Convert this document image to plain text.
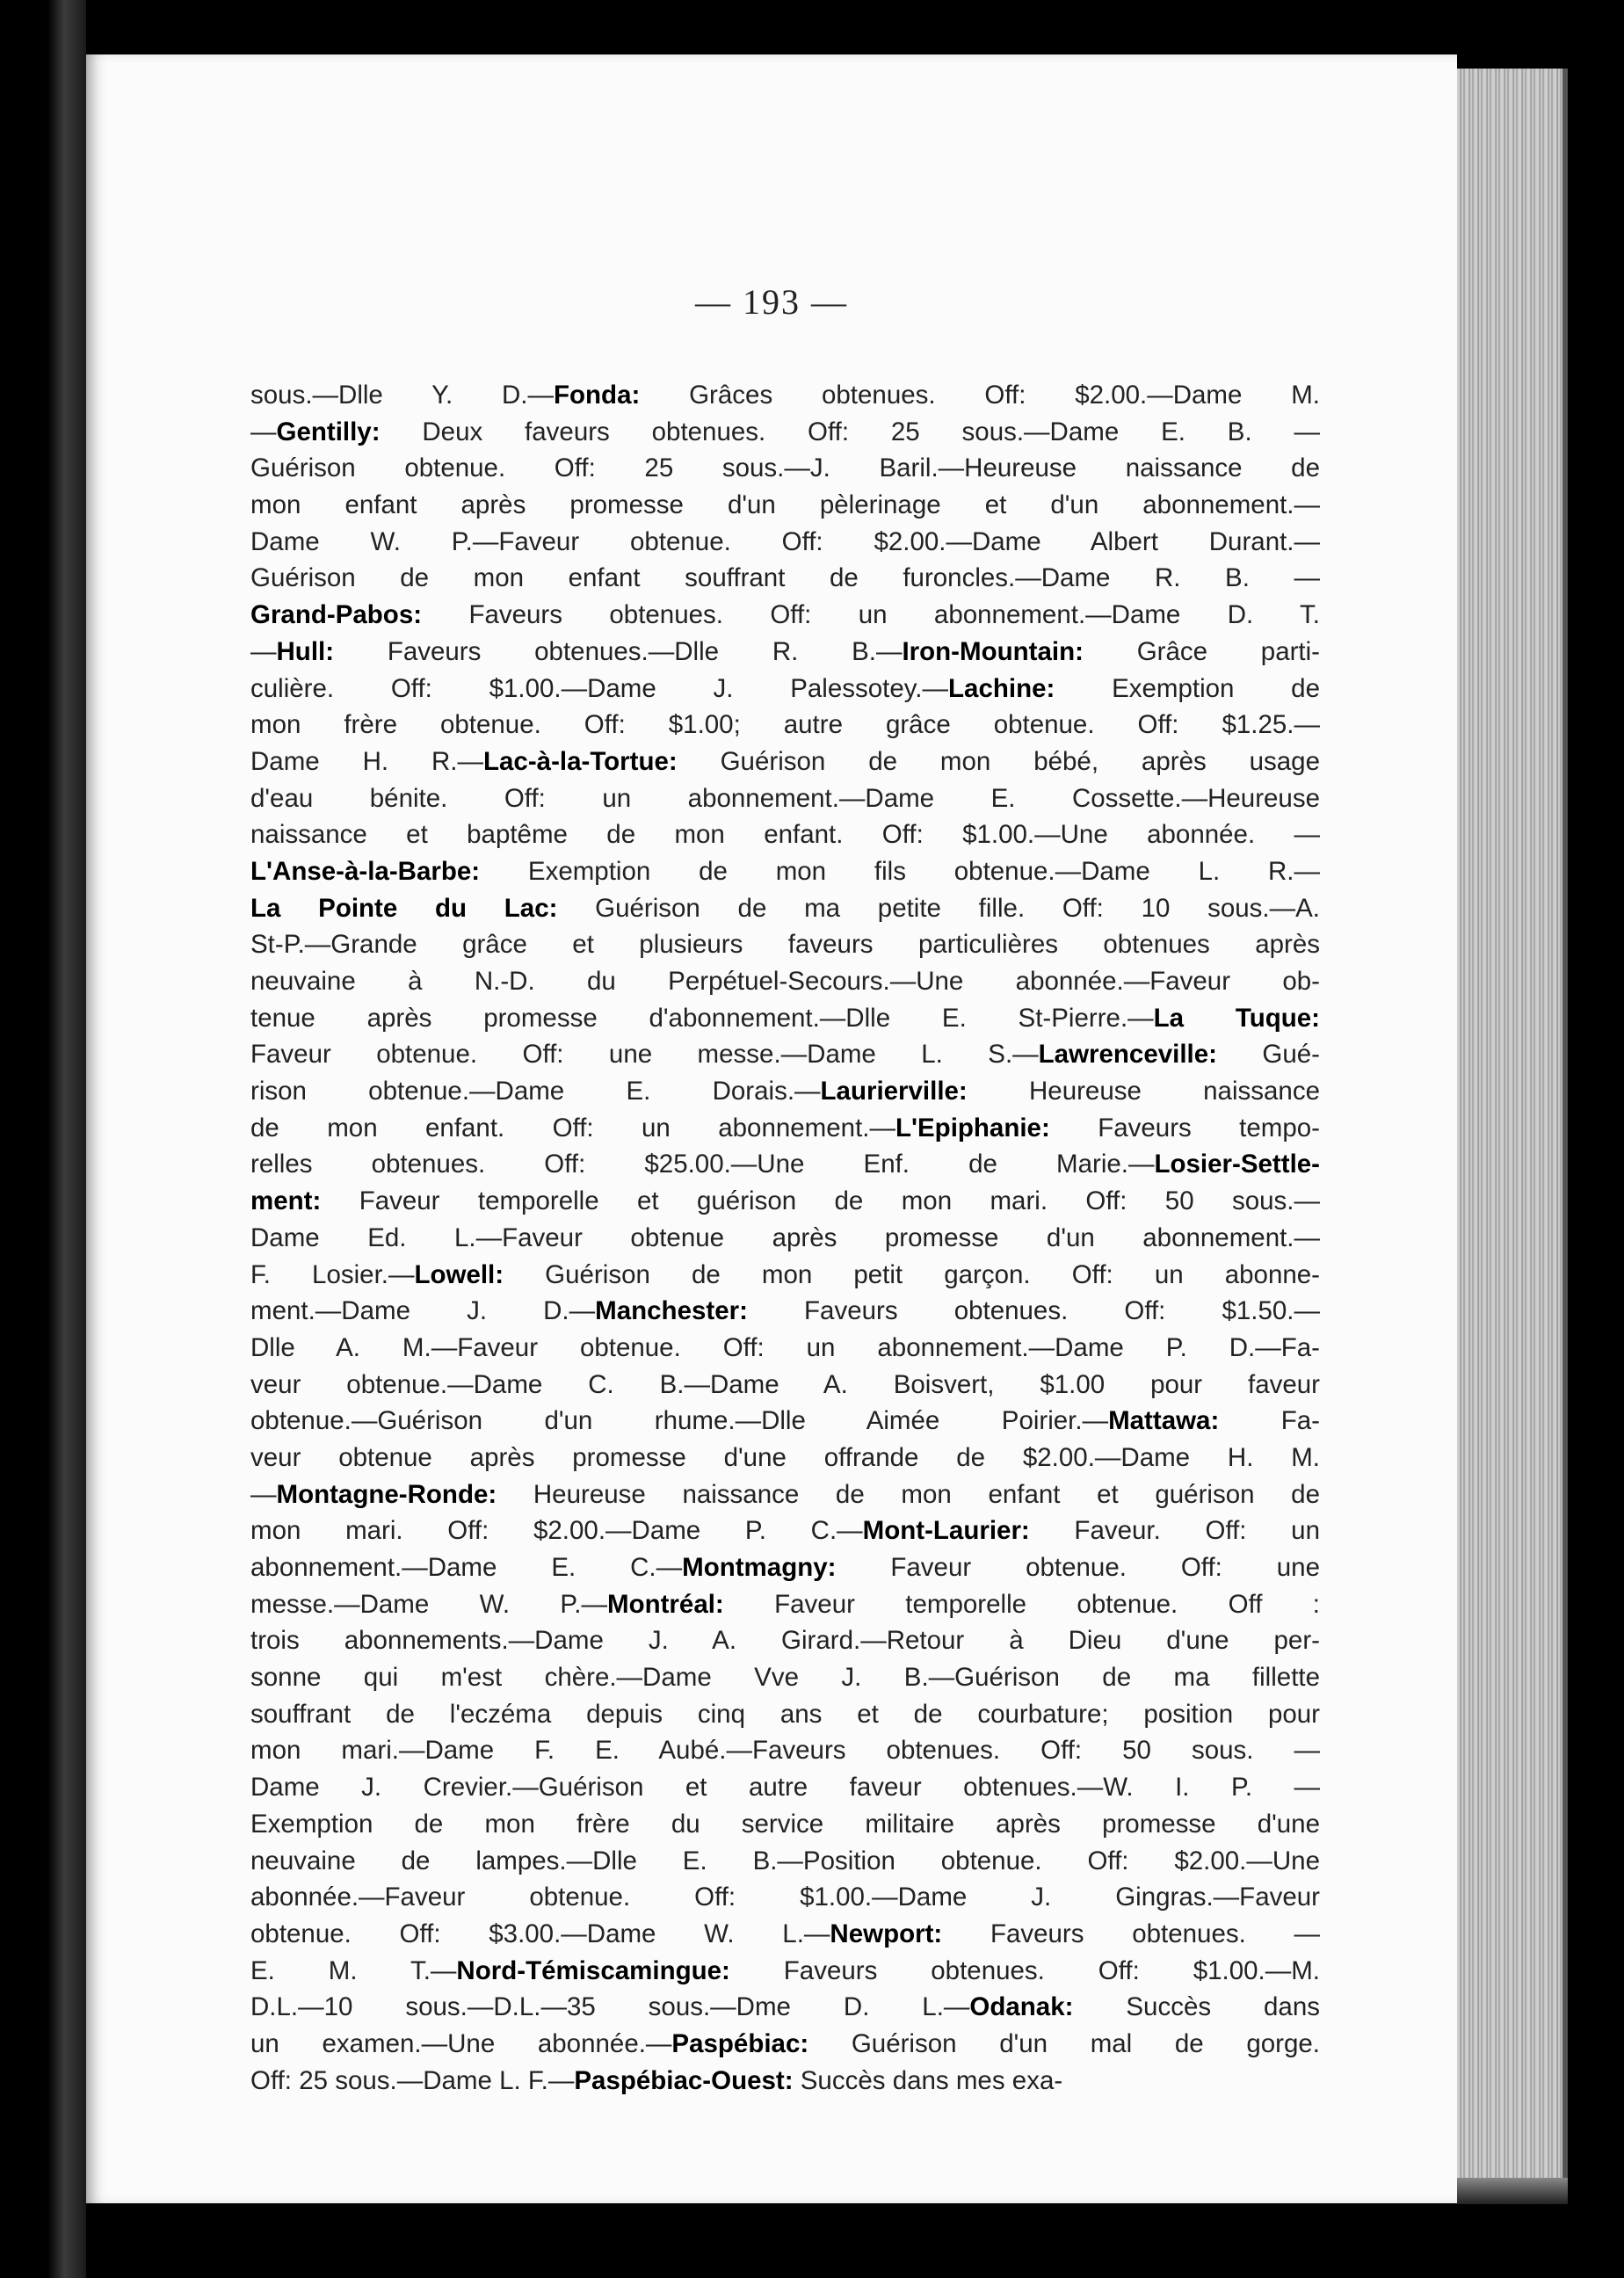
— 193 —
sous.—Dlle Y. D.—Fonda: Grâces obtenues. Off: $2.00.—Dame M.
—Gentilly: Deux faveurs obtenues. Off: 25 sous.—Dame E. B. —
Guérison obtenue. Off: 25 sous.—J. Baril.—Heureuse naissance de
mon enfant après promesse d'un pèlerinage et d'un abonnement.—
Dame W. P.—Faveur obtenue. Off: $2.00.—Dame Albert Durant.—
Guérison de mon enfant souffrant de furoncles.—Dame R. B. —
Grand-Pabos: Faveurs obtenues. Off: un abonnement.—Dame D. T.
—Hull: Faveurs obtenues.—Dlle R. B.—Iron-Mountain: Grâce parti-
culière. Off: $1.00.—Dame J. Palessotey.—Lachine: Exemption de
mon frère obtenue. Off: $1.00; autre grâce obtenue. Off: $1.25.—
Dame H. R.—Lac-à-la-Tortue: Guérison de mon bébé, après usage
d'eau bénite. Off: un abonnement.—Dame E. Cossette.—Heureuse
naissance et baptême de mon enfant. Off: $1.00.—Une abonnée. —
L'Anse-à-la-Barbe: Exemption de mon fils obtenue.—Dame L. R.—
La Pointe du Lac: Guérison de ma petite fille. Off: 10 sous.—A.
St-P.—Grande grâce et plusieurs faveurs particulières obtenues après
neuvaine à N.-D. du Perpétuel-Secours.—Une abonnée.—Faveur ob-
tenue après promesse d'abonnement.—Dlle E. St-Pierre.—La Tuque:
Faveur obtenue. Off: une messe.—Dame L. S.—Lawrenceville: Gué-
rison obtenue.—Dame E. Dorais.—Laurierville: Heureuse naissance
de mon enfant. Off: un abonnement.—L'Epiphanie: Faveurs tempo-
relles obtenues. Off: $25.00.—Une Enf. de Marie.—Losier-Settle-
ment: Faveur temporelle et guérison de mon mari. Off: 50 sous.—
Dame Ed. L.—Faveur obtenue après promesse d'un abonnement.—
F. Losier.—Lowell: Guérison de mon petit garçon. Off: un abonne-
ment.—Dame J. D.—Manchester: Faveurs obtenues. Off: $1.50.—
Dlle A. M.—Faveur obtenue. Off: un abonnement.—Dame P. D.—Fa-
veur obtenue.—Dame C. B.—Dame A. Boisvert, $1.00 pour faveur
obtenue.—Guérison d'un rhume.—Dlle Aimée Poirier.—Mattawa: Fa-
veur obtenue après promesse d'une offrande de $2.00.—Dame H. M.
—Montagne-Ronde: Heureuse naissance de mon enfant et guérison de
mon mari. Off: $2.00.—Dame P. C.—Mont-Laurier: Faveur. Off: un
abonnement.—Dame E. C.—Montmagny: Faveur obtenue. Off: une
messe.—Dame W. P.—Montréal: Faveur temporelle obtenue. Off :
trois abonnements.—Dame J. A. Girard.—Retour à Dieu d'une per-
sonne qui m'est chère.—Dame Vve J. B.—Guérison de ma fillette
souffrant de l'eczéma depuis cinq ans et de courbature; position pour
mon mari.—Dame F. E. Aubé.—Faveurs obtenues. Off: 50 sous. —
Dame J. Crevier.—Guérison et autre faveur obtenues.—W. I. P. —
Exemption de mon frère du service militaire après promesse d'une
neuvaine de lampes.—Dlle E. B.—Position obtenue. Off: $2.00.—Une
abonnée.—Faveur obtenue. Off: $1.00.—Dame J. Gingras.—Faveur
obtenue. Off: $3.00.—Dame W. L.—Newport: Faveurs obtenues. —
E. M. T.—Nord-Témiscamingue: Faveurs obtenues. Off: $1.00.—M.
D.L.—10 sous.—D.L.—35 sous.—Dme D. L.—Odanak: Succès dans
un examen.—Une abonnée.—Paspébiac: Guérison d'un mal de gorge.
Off: 25 sous.—Dame L. F.—Paspébiac-Ouest: Succès dans mes exa-
